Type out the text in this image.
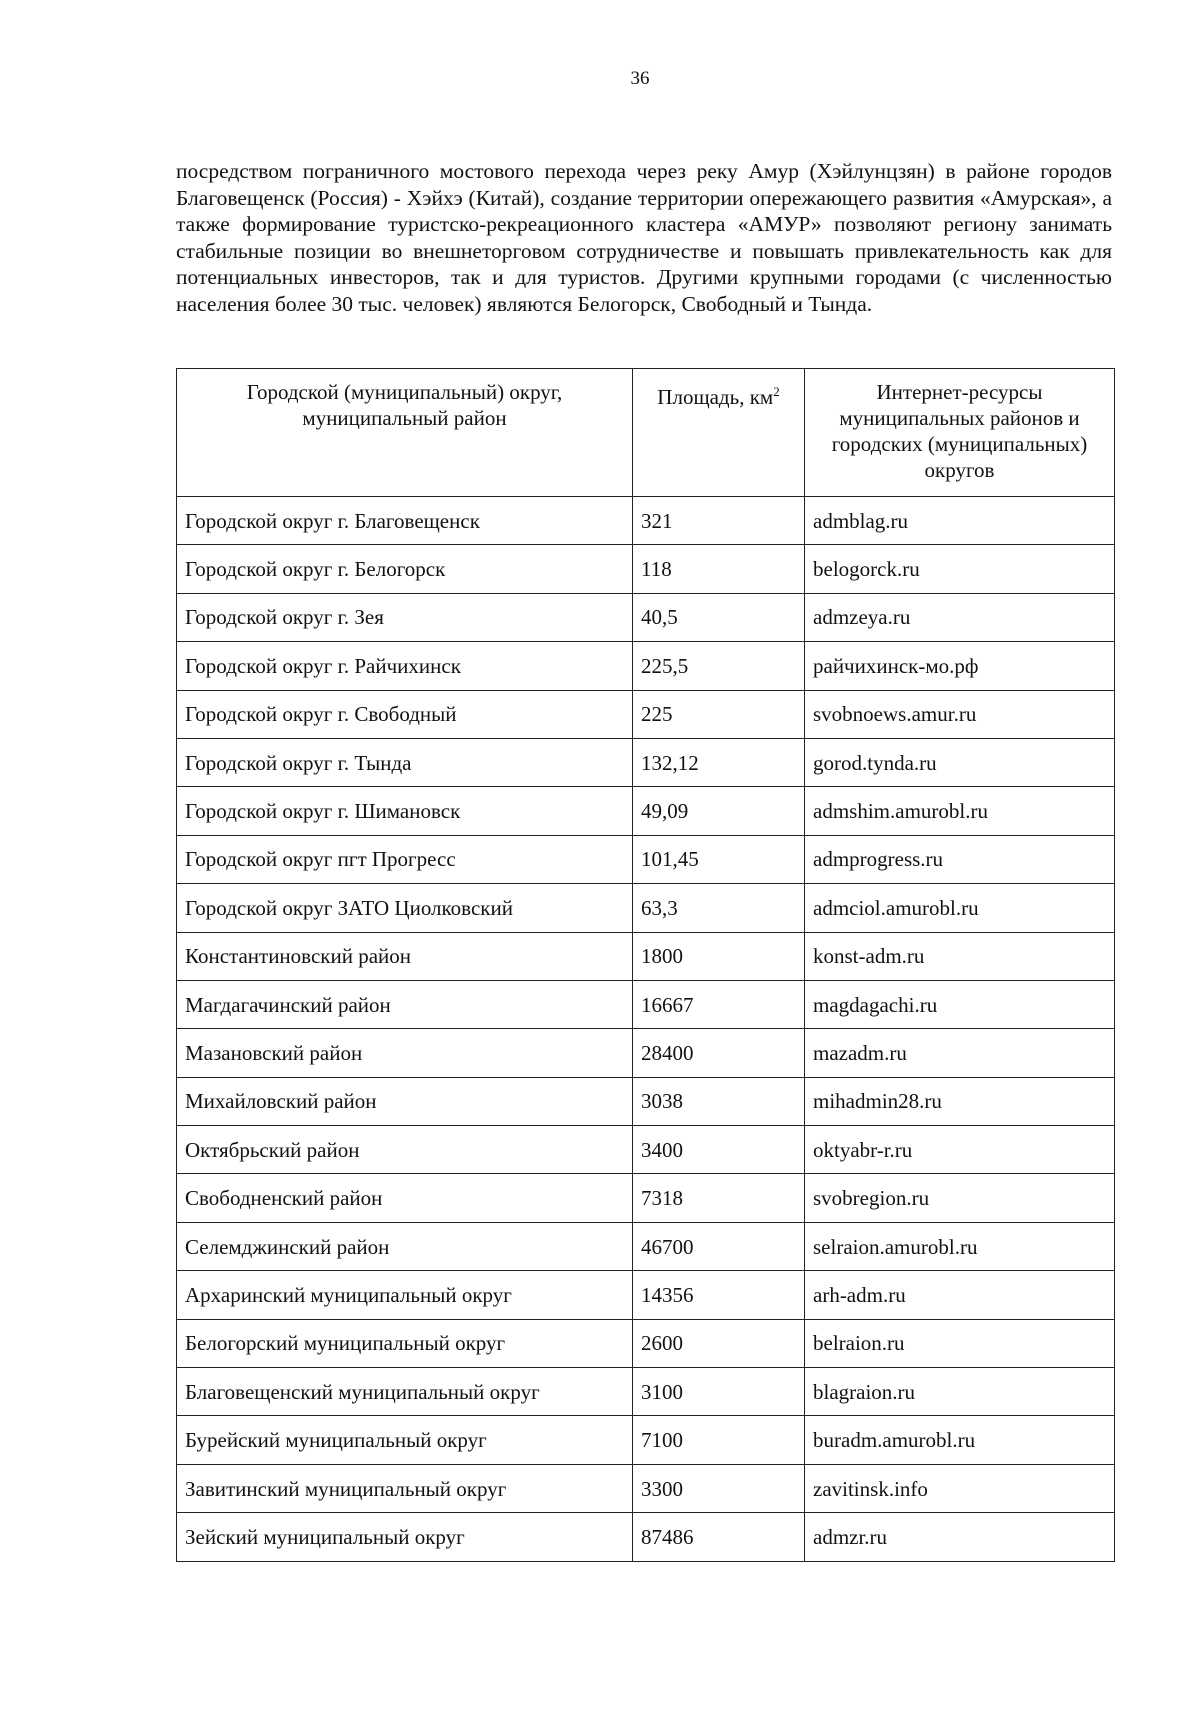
36

посредством пограничного мостового перехода через реку Амур (Хэйлунцзян) в районе городов Благовещенск (Россия) - Хэйхэ (Китай), создание территории опережающего развития «Амурская», а также формирование туристско-рекреационного кластера «АМУР» позволяют региону занимать стабильные позиции во внешнеторговом сотрудничестве и повышать привлекательность как для потенциальных инвесторов, так и для туристов. Другими крупными городами (с численностью населения более 30 тыс. человек) являются Белогорск, Свободный и Тында.

Городской (муниципальный) округ, муниципальный район	Площадь, $км^2$	Интернет-ресурсы муниципальных районов и городских (муниципальных) округов
Городской округ г. Благовещенск	321	admblag.ru
Городской округ г. Белогорск	118	belogorck.ru
Городской округ г. Зея	40,5	admzeya.ru
Городской округ г. Райчихинск	225,5	райчихинск-мо.рф
Городской округ г. Свободный	225	svobnoews.amur.ru
Городской округ г. Тында	132,12	gorod.tynda.ru
Городской округ г. Шимановск	49,09	admshim.amurobl.ru
Городской округ пгт Прогресс	101,45	admprogress.ru
Городской округ ЗАТО Циолковский	63,3	admciol.amurobl.ru
Константиновский район	1800	konst-adm.ru
Магдагачинский район	16667	magdagachi.ru
Мазановский район	28400	mazadm.ru
Михайловский район	3038	mihadmin28.ru
Октябрьский район	3400	oktyabr-r.ru
Свободненский район	7318	svobregion.ru
Селемджинский район	46700	selraion.amurobl.ru
Архаринский муниципальный округ	14356	arh-adm.ru
Белогорский муниципальный округ	2600	belraion.ru
Благовещенский муниципальный округ	3100	blagraion.ru
Бурейский муниципальный округ	7100	buradm.amurobl.ru
Завитинский муниципальный округ	3300	zavitinsk.info
Зейский муниципальный округ	87486	admzr.ru
